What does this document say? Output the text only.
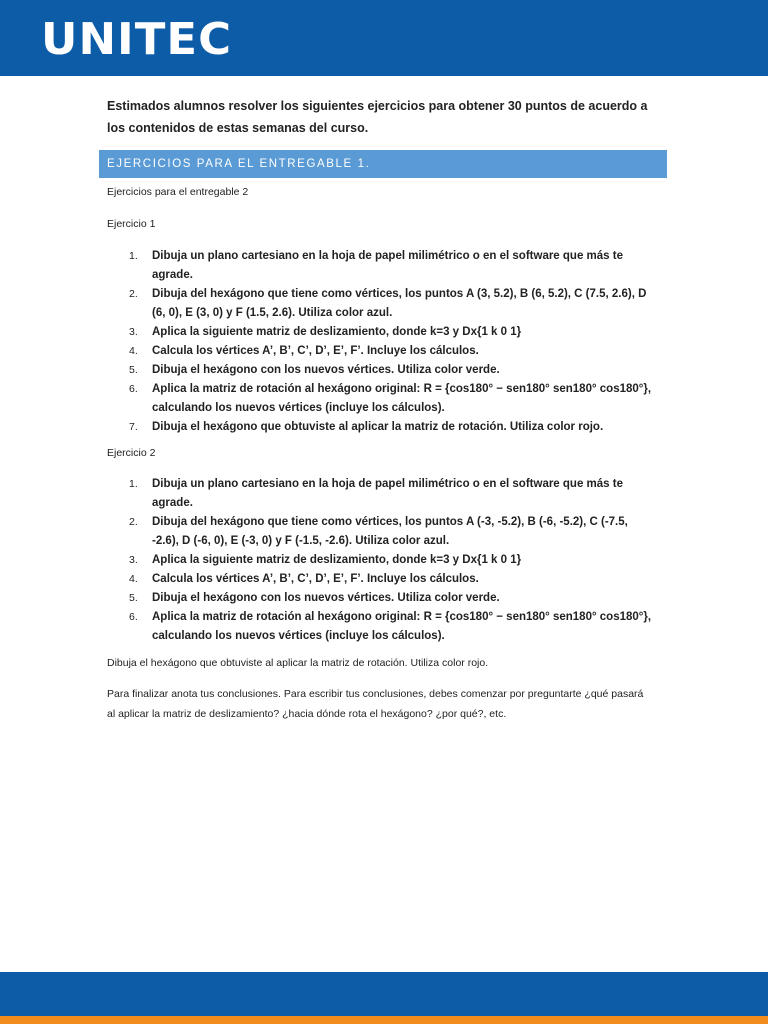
UNITEC
Estimados alumnos resolver los siguientes ejercicios para obtener 30 puntos de acuerdo a los contenidos de estas semanas del curso.
EJERCICIOS PARA EL ENTREGABLE 1.
Ejercicios para el entregable 2
Ejercicio 1
1. Dibuja un plano cartesiano en la hoja de papel milimétrico o en el software que más te agrade.
2. Dibuja del hexágono que tiene como vértices, los puntos A (3, 5.2), B (6, 5.2), C (7.5, 2.6), D (6, 0), E (3, 0) y F (1.5, 2.6). Utiliza color azul.
3. Aplica la siguiente matriz de deslizamiento, donde k=3 y Dx{1 k 0 1}
4. Calcula los vértices A’, B’, C’, D’, E’, F’. Incluye los cálculos.
5. Dibuja el hexágono con los nuevos vértices. Utiliza color verde.
6. Aplica la matriz de rotación al hexágono original: R = {cos180° − sen180° sen180° cos180°}, calculando los nuevos vértices (incluye los cálculos).
7. Dibuja el hexágono que obtuviste al aplicar la matriz de rotación. Utiliza color rojo.
Ejercicio 2
1. Dibuja un plano cartesiano en la hoja de papel milimétrico o en el software que más te agrade.
2. Dibuja del hexágono que tiene como vértices, los puntos A (-3, -5.2), B (-6, -5.2), C (-7.5, -2.6), D (-6, 0), E (-3, 0) y F (-1.5, -2.6). Utiliza color azul.
3. Aplica la siguiente matriz de deslizamiento, donde k=3 y Dx{1 k 0 1}
4. Calcula los vértices A’, B’, C’, D’, E’, F’. Incluye los cálculos.
5. Dibuja el hexágono con los nuevos vértices. Utiliza color verde.
6. Aplica la matriz de rotación al hexágono original: R = {cos180° − sen180° sen180° cos180°}, calculando los nuevos vértices (incluye los cálculos).
Dibuja el hexágono que obtuviste al aplicar la matriz de rotación. Utiliza color rojo.
Para finalizar anota tus conclusiones. Para escribir tus conclusiones, debes comenzar por preguntarte ¿qué pasará al aplicar la matriz de deslizamiento? ¿hacia dónde rota el hexágono? ¿por qué?, etc.
